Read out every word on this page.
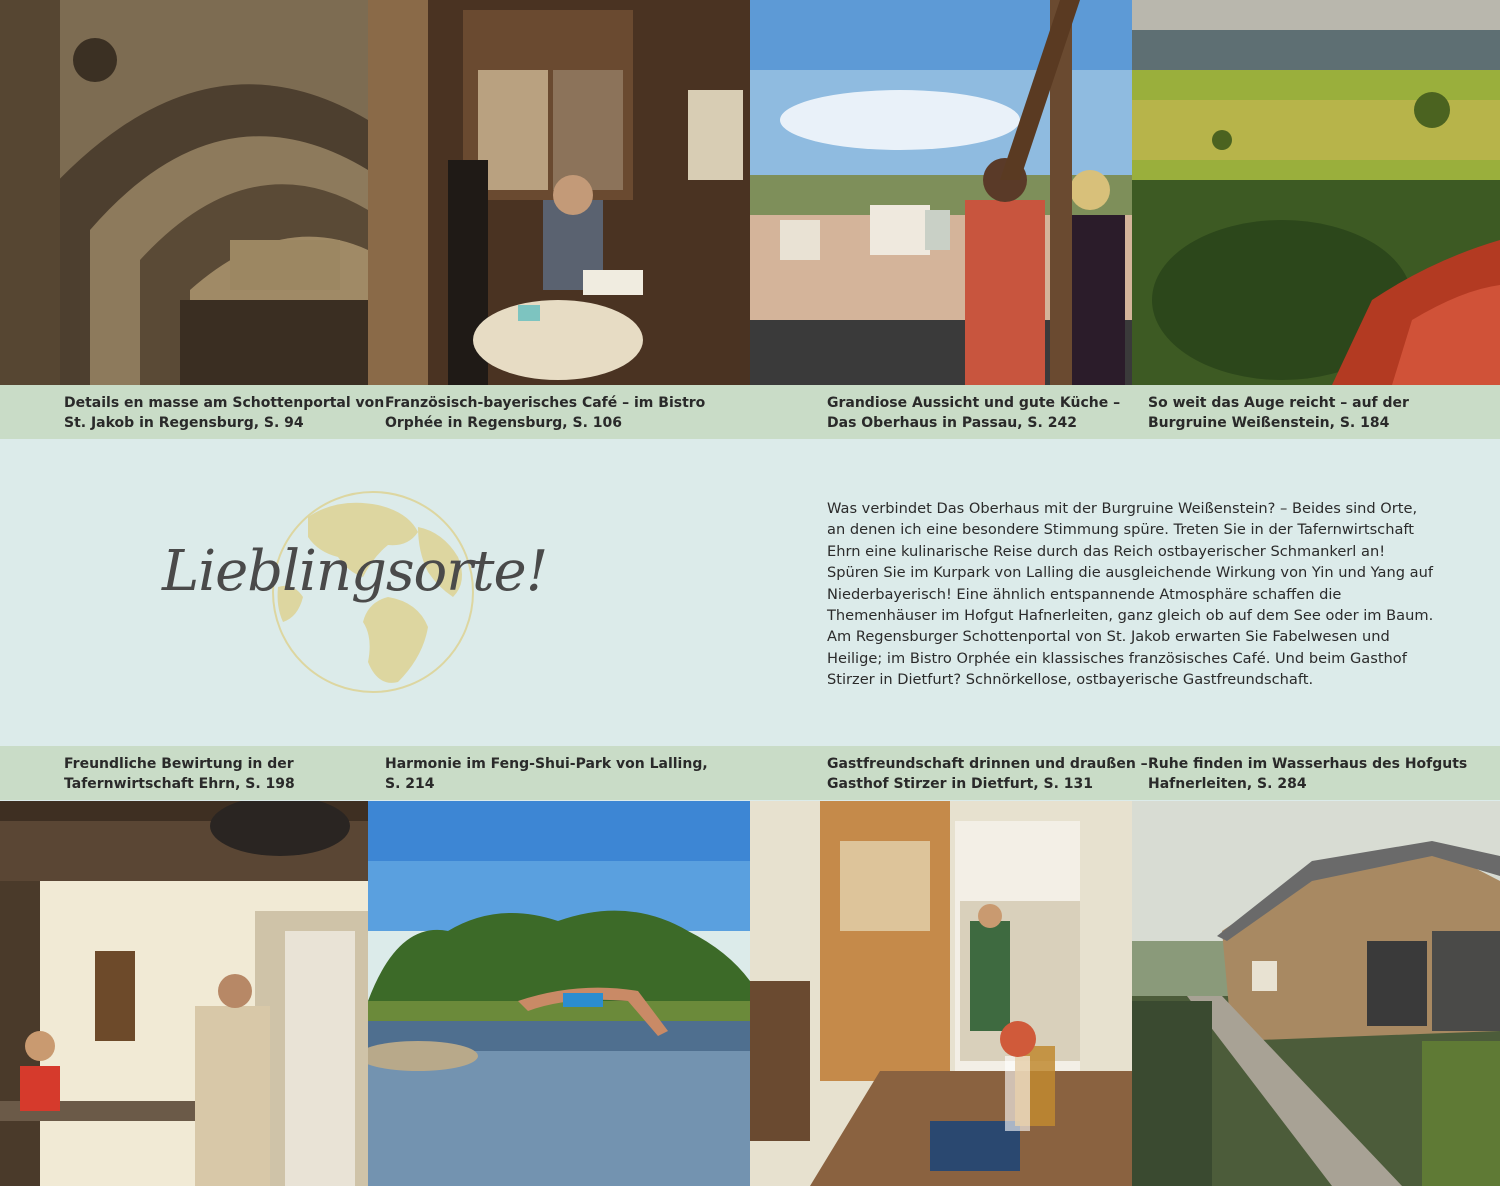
Details en masse am Schottenportal von
St. Jakob in Regensburg, S. 94
Französisch-bayerisches Café – im Bistro
Orphée in Regensburg, S. 106
Grandiose Aussicht und gute Küche –
Das Oberhaus in Passau, S. 242
So weit das Auge reicht – auf der
Burgruine Weißenstein, S. 184
Lieblingsorte!
Was verbindet Das Oberhaus mit der Burgruine Weißenstein? – Beides sind Orte, an denen ich eine besondere Stimmung spüre. Treten Sie in der Tafernwirtschaft Ehrn eine kulinarische Reise durch das Reich ostbayerischer Schmankerl an! Spüren Sie im Kurpark von Lalling die ausgleichende Wirkung von Yin und Yang auf Niederbayerisch! Eine ähnlich entspannende Atmosphäre schaffen die Themenhäuser im Hofgut Hafnerleiten, ganz gleich ob auf dem See oder im Baum. Am Regensburger Schottenportal von St. Jakob erwarten Sie Fabelwesen und Heilige; im Bistro Orphée ein klassisches französisches Café. Und beim Gasthof Stirzer in Dietfurt? Schnörkellose, ostbayerische Gastfreundschaft.
Freundliche Bewirtung in der
Tafernwirtschaft Ehrn, S. 198
Harmonie im Feng-Shui-Park von Lalling,
S. 214
Gastfreundschaft drinnen und draußen –
Gasthof Stirzer in Dietfurt, S. 131
Ruhe finden im Wasserhaus des Hofguts
Hafnerleiten, S. 284
